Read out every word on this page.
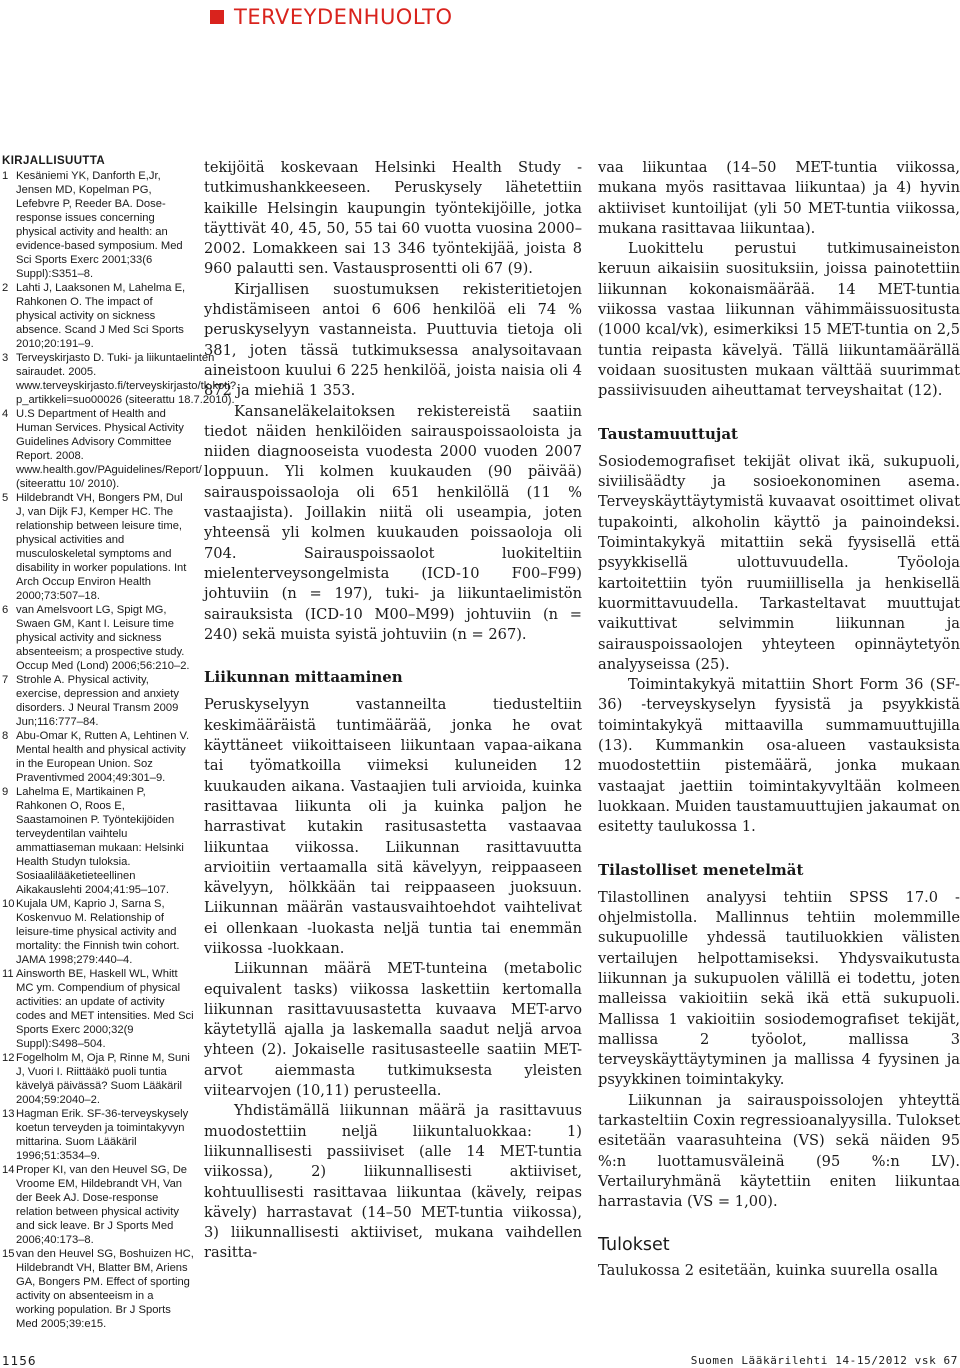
TERVEYDENHUOLTO
KIRJALLISUUTTA
1 Kesäniemi YK, Danforth E,Jr, Jensen MD, Kopelman PG, Lefebvre P, Reeder BA. Dose-response issues concerning physical activity and health: an evidence-based symposium. Med Sci Sports Exerc 2001;33(6 Suppl):S351–8.
2 Lahti J, Laaksonen M, Lahelma E, Rahkonen O. The impact of physical activity on sickness absence. Scand J Med Sci Sports 2010;20:191–9.
3 Terveyskirjasto D. Tuki- ja liikuntaelinten sairaudet. 2005. www.terveyskirjasto.fi/terveyskirjasto/tk.koti?p_artikkeli=suo00026 (siteerattu 18.7.2010).
4 U.S Department of Health and Human Services. Physical Activity Guidelines Advisory Committee Report. 2008. www.health.gov/PAguidelines/Report/ (siteerattu 10/ 2010).
5 Hildebrandt VH, Bongers PM, Dul J, van Dijk FJ, Kemper HC. The relationship between leisure time, physical activities and musculoskeletal symptoms and disability in worker populations. Int Arch Occup Environ Health 2000;73:507–18.
6 van Amelsvoort LG, Spigt MG, Swaen GM, Kant I. Leisure time physical activity and sickness absenteeism; a prospective study. Occup Med (Lond) 2006;56:210–2.
7 Strohle A. Physical activity, exercise, depression and anxiety disorders. J Neural Transm 2009 Jun;116:777–84.
8 Abu-Omar K, Rutten A, Lehtinen V. Mental health and physical activity in the European Union. Soz Praventivmed 2004;49:301–9.
9 Lahelma E, Martikainen P, Rahkonen O, Roos E, Saastamoinen P. Työntekijöiden terveydentilan vaihtelu ammattiaseman mukaan: Helsinki Health Studyn tuloksia. Sosiaalilääketieteellinen Aikakauslehti 2004;41:95–107.
10 Kujala UM, Kaprio J, Sarna S, Koskenvuo M. Relationship of leisure-time physical activity and mortality: the Finnish twin cohort. JAMA 1998;279:440–4.
11 Ainsworth BE, Haskell WL, Whitt MC ym. Compendium of physical activities: an update of activity codes and MET intensities. Med Sci Sports Exerc 2000;32(9 Suppl):S498–504.
12 Fogelholm M, Oja P, Rinne M, Suni J, Vuori I. Riittääkö puoli tuntia kävelyä päivässä? Suom Lääkäril 2004;59:2040–2.
13 Hagman Erik. SF-36-terveyskysely koetun terveyden ja toimintakyvyn mittarina. Suom Lääkäril 1996;51:3534–9.
14 Proper KI, van den Heuvel SG, De Vroome EM, Hildebrandt VH, Van der Beek AJ. Dose-response relation between physical activity and sick leave. Br J Sports Med 2006;40:173–8.
15 van den Heuvel SG, Boshuizen HC, Hildebrandt VH, Blatter BM, Ariens GA, Bongers PM. Effect of sporting activity on absenteeism in a working population. Br J Sports Med 2005;39:e15.

tekijöitä koskevaan Helsinki Health Study -tutkimushankkeeseen. Peruskysely lähetettiin kaikille Helsingin kaupungin työntekijöille, jotka täyttivät 40, 45, 50, 55 tai 60 vuotta vuosina 2000–2002. Lomakkeen sai 13 346 työntekijää, joista 8 960 palautti sen. Vastausprosentti oli 67 (9).

Kirjallisen suostumuksen rekisteritietojen yhdistämiseen antoi 6 606 henkilöä eli 74 % peruskyselyyn vastanneista. Puuttuvia tietoja oli 381, joten tässä tutkimuksessa analysoitavaan aineistoon kuului 6 225 henkilöä, joista naisia oli 4 872 ja miehiä 1 353.

Kansaneläkelaitoksen rekistereistä saatiin tiedot näiden henkilöiden sairauspoissaoloista ja niiden diagnooseista vuodesta 2000 vuoden 2007 loppuun. Yli kolmen kuukauden (90 päivää) sairauspoissaoloja oli 651 henkilöllä (11 % vastaajista). Joillakin niitä oli useampia, joten yhteensä yli kolmen kuukauden poissaoloja oli 704. Sairauspoissaolot luokiteltiin mielenterveysongelmista (ICD-10 F00–F99) johtuviin (n = 197), tuki- ja liikuntaelimistön sairauksista (ICD-10 M00–M99) johtuviin (n = 240) sekä muista syistä johtuviin (n = 267).

Liikunnan mittaaminen

Peruskyselyyn vastanneilta tiedusteltiin keskimääräistä tuntimäärää, jonka he ovat käyttäneet viikoittaiseen liikuntaan vapaa-aikana tai työmatkoilla viimeksi kuluneiden 12 kuukauden aikana. Vastaajien tuli arvioida, kuinka rasittavaa liikunta oli ja kuinka paljon he harrastivat kutakin rasitusastetta vastaavaa liikuntaa viikossa. Liikunnan rasittavuutta arvioitiin vertaamalla sitä kävelyyn, reippaaseen kävelyyn, hölkkään tai reippaaseen juoksuun. Liikunnan määrän vastausvaihtoehdot vaihtelivat ei ollenkaan -luokasta neljä tuntia tai enemmän viikossa -luokkaan.

Liikunnan määrä MET-tunteina (metabolic equivalent tasks) viikossa laskettiin kertomalla liikunnan rasittavuusastetta kuvaava MET-arvo käytetyllä ajalla ja laskemalla saadut neljä arvoa yhteen (2). Jokaiselle rasitusasteelle saatiin MET-arvot aiemmasta tutkimuksesta yleisten viitearvojen (10,11) perusteella.

Yhdistämällä liikunnan määrä ja rasittavuus muodostettiin neljä liikuntaluokkaa: 1) liikunnallisesti passiiviset (alle 14 MET-tuntia viikossa), 2) liikunnallisesti aktiiviset, kohtuullisesti rasittavaa liikuntaa (kävely, reipas kävely) harrastavat (14–50 MET-tuntia viikossa), 3) liikunnallisesti aktiiviset, mukana vaihdellen rasitta-

vaa liikuntaa (14–50 MET-tuntia viikossa, mukana myös rasittavaa liikuntaa) ja 4) hyvin aktiiviset kuntoilijat (yli 50 MET-tuntia viikossa, mukana rasittavaa liikuntaa).

Luokittelu perustui tutkimusaineiston keruun aikaisiin suosituksiin, joissa painotettiin liikunnan kokonaismäärää. 14 MET-tuntia viikossa vastaa liikunnan vähimmäissuositusta (1000 kcal/vk), esimerkiksi 15 MET-tuntia on 2,5 tuntia reipasta kävelyä. Tällä liikuntamäärällä voidaan suositusten mukaan välttää suurimmat passiivisuuden aiheuttamat terveyshaitat (12).

Taustamuuttujat

Sosiodemografiset tekijät olivat ikä, sukupuoli, siviilisäädty ja sosioekonominen asema. Terveyskäyttäytymistä kuvaavat osoittimet olivat tupakointi, alkoholin käyttö ja painoindeksi. Toimintakykyä mitattiin sekä fyysisellä että psyykkisellä ulottuvuudella. Työoloja kartoitettiin työn ruumiillisella ja henkisellä kuormittavuudella. Tarkasteltavat muuttujat vaikuttivat selvimmin liikunnan ja sairauspoissaolojen yhteyteen opinnäytetyön analyyseissa (25).

Toimintakykyä mitattiin Short Form 36 (SF-36) -terveyskyselyn fyysistä ja psyykkistä toimintakykyä mittaavilla summamuuttujilla (13). Kummankin osa-alueen vastauksista muodostettiin pistemäärä, jonka mukaan vastaajat jaettiin toimintakyvyltään kolmeen luokkaan. Muiden taustamuuttujien jakaumat on esitetty taulukossa 1.

Tilastolliset menetelmät

Tilastollinen analyysi tehtiin SPSS 17.0 -ohjelmistolla. Mallinnus tehtiin molemmille sukupuolille yhdessä tautiluokkien välisten vertailujen helpottamiseksi. Yhdysvaikutusta liikunnan ja sukupuolen välillä ei todettu, joten malleissa vakioitiin sekä ikä että sukupuoli. Mallissa 1 vakioitiin sosiodemografiset tekijät, mallissa 2 työolot, mallissa 3 terveyskäyttäytyminen ja mallissa 4 fyysinen ja psyykkinen toimintakyky.

Liikunnan ja sairauspoissolojen yhteyttä tarkasteltiin Coxin regressioanalyysilla. Tulokset esitetään vaarasuhteina (VS) sekä näiden 95 %:n luottamusväleinä (95 %:n LV). Vertailuryhmänä käytettiin eniten liikuntaa harrastavia (VS = 1,00).

Tulokset

Taulukossa 2 esitetään, kuinka suurella osalla

1156	Suomen Lääkärilehti 14-15/2012 vsk 67
